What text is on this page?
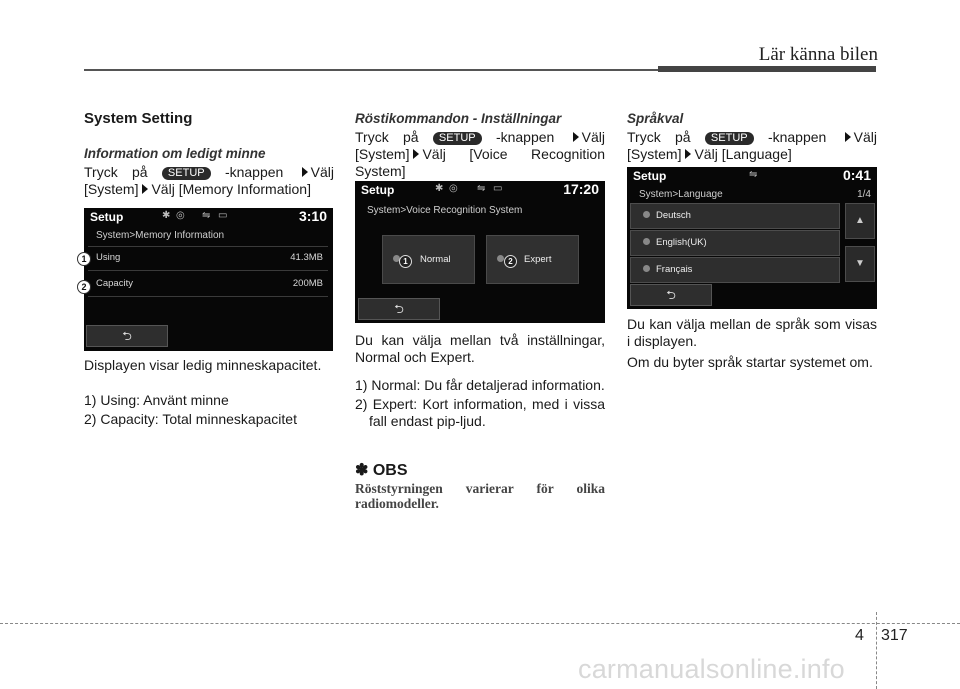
Lär känna bilen

System Setting

Information om ledigt minne

Tryck på SETUP -knappen Välj

[System] Välj [Memory Information]

Setup	✱ ◎ ⇋ ▭	3:10
System>Memory Information
Using	41.3MB
Capacity	200MB
⮌
1
2

Displayen visar ledig minneskapacitet.

1) Using: Använt minne

2) Capacity: Total minneskapacitet

Röstikommandon - Inställningar

Tryck på SETUP -knappen Välj

[System] Välj [Voice Recognition

System]

Setup	✱ ◎ ⇋ ▭	17:20
System>Voice Recognition System
Normal	Expert
1	2
⮌

Du kan välja mellan två inställningar, Normal och Expert.

1) Normal: Du får detaljerad information.

2) Expert: Kort information, med i vissa

fall endast pip-ljud.

✽ OBS

Röststyrningen varierar för olika radiomodeller.

Språkval

Tryck på SETUP -knappen Välj

[System] Välj [Language]

Setup	⇋	0:41
System>Language	1/4
Deutsch
English(UK)
Français
▲
▼
⮌

Du kan välja mellan de språk som visas i displayen.

Om du byter språk startar systemet om.

4 317
carmanualsonline.info
